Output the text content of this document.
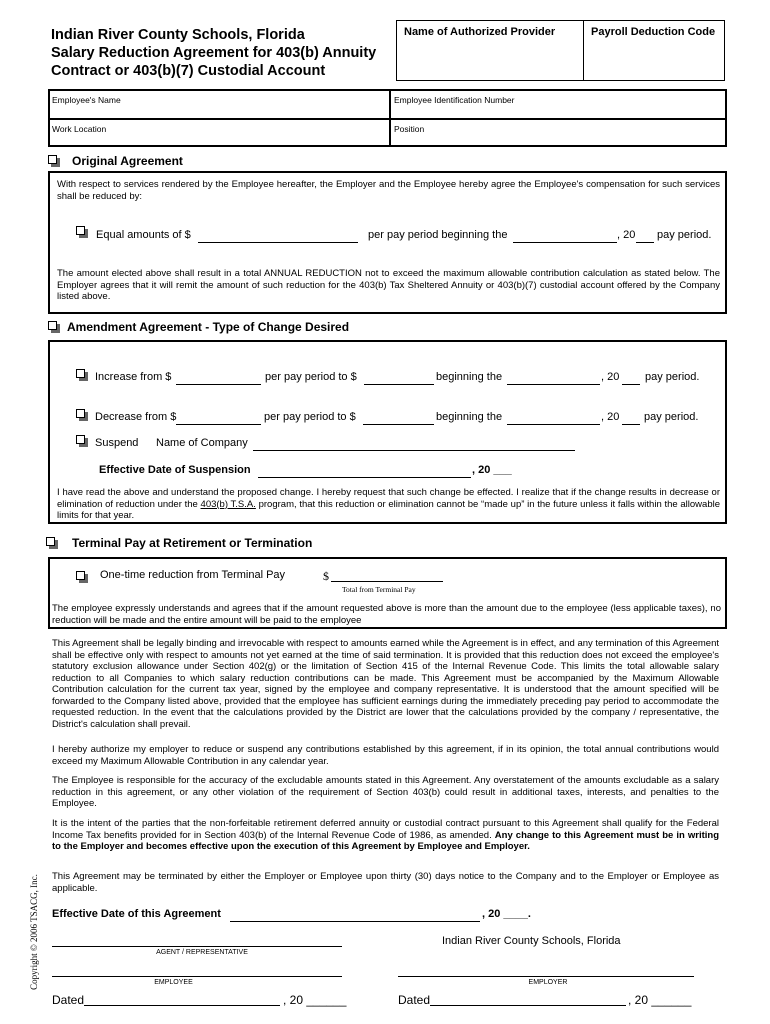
Indian River County Schools, Florida
Salary Reduction Agreement for 403(b) Annuity
Contract or 403(b)(7) Custodial Account
Name of Authorized Provider	Payroll Deduction Code
Employee's Name	Employee Identification Number
Work Location	Position
Original Agreement
With respect to services rendered by the Employee hereafter, the Employer and the Employee hereby agree the Employee's compensation for such services shall be reduced by:
Equal amounts of $	per pay period beginning the	, 20 pay period.
The amount elected above shall result in a total ANNUAL REDUCTION not to exceed the maximum allowable contribution calculation as stated below. The Employer agrees that it will remit the amount of such reduction for the 403(b) Tax Sheltered Annuity or 403(b)(7) custodial account offered by the Company listed above.
Amendment Agreement - Type of Change Desired
Increase from $	per pay period to $	beginning the	, 20 pay period.
Decrease from $	per pay period to $	beginning the	, 20 pay period.
Suspend Name of Company
Effective Date of Suspension	, 20 ___
I have read the above and understand the proposed change. I hereby request that such change be effected. I realize that if the change results in decrease or elimination of reduction under the 403(b) T.S.A. program, that this reduction or elimination cannot be “made up” in the future unless it falls within the allowable limits for that year.
Terminal Pay at Retirement or Termination
One-time reduction from Terminal Pay	$
Total from Terminal Pay
The employee expressly understands and agrees that if the amount requested above is more than the amount due to the employee (less applicable taxes), no reduction will be made and the entire amount will be paid to the employee
This Agreement shall be legally binding and irrevocable with respect to amounts earned while the Agreement is in effect, and any termination of this Agreement shall be effective only with respect to amounts not yet earned at the time of said termination. It is provided that this reduction does not exceed the employee's statutory exclusion allowance under Section 402(g) or the limitation of Section 415 of the Internal Revenue Code. This limits the total allowable salary reduction to all Companies to which salary reduction contributions can be made. This Agreement must be accompanied by the Maximum Allowable Contribution calculation for the current tax year, signed by the employee and company representative. It is understood that the amount specified will be forwarded to the Company listed above, provided that the employee has sufficient earnings during the immediately preceding pay period to accommodate the requested reduction. In the event that the calculations provided by the District are lower that the calculations provided by the company / representative, the District's calculation shall prevail.
I hereby authorize my employer to reduce or suspend any contributions established by this agreement, if in its opinion, the total annual contributions would exceed my Maximum Allowable Contribution in any calendar year.
The Employee is responsible for the accuracy of the excludable amounts stated in this Agreement. Any overstatement of the amounts excludable as a salary reduction in this agreement, or any other violation of the requirement of Section 403(b) could result in additional taxes, interests, and penalties to the Employee.
It is the intent of the parties that the non-forfeitable retirement deferred annuity or custodial contract pursuant to this Agreement shall qualify for the Federal Income Tax benefits provided for in Section 403(b) of the Internal Revenue Code of 1986, as amended. Any change to this Agreement must be in writing to the Employer and becomes effective upon the execution of this Agreement by Employee and Employer.
This Agreement may be terminated by either the Employer or Employee upon thirty (30) days notice to the Company and to the Employer or Employee as applicable.
Effective Date of this Agreement	, 20 ____.
Indian River County Schools, Florida
AGENT / REPRESENTATIVE
EMPLOYEE	EMPLOYER
Dated	, 20 ______	Dated	, 20 ______
Copyright © 2006 TSACG, Inc.
